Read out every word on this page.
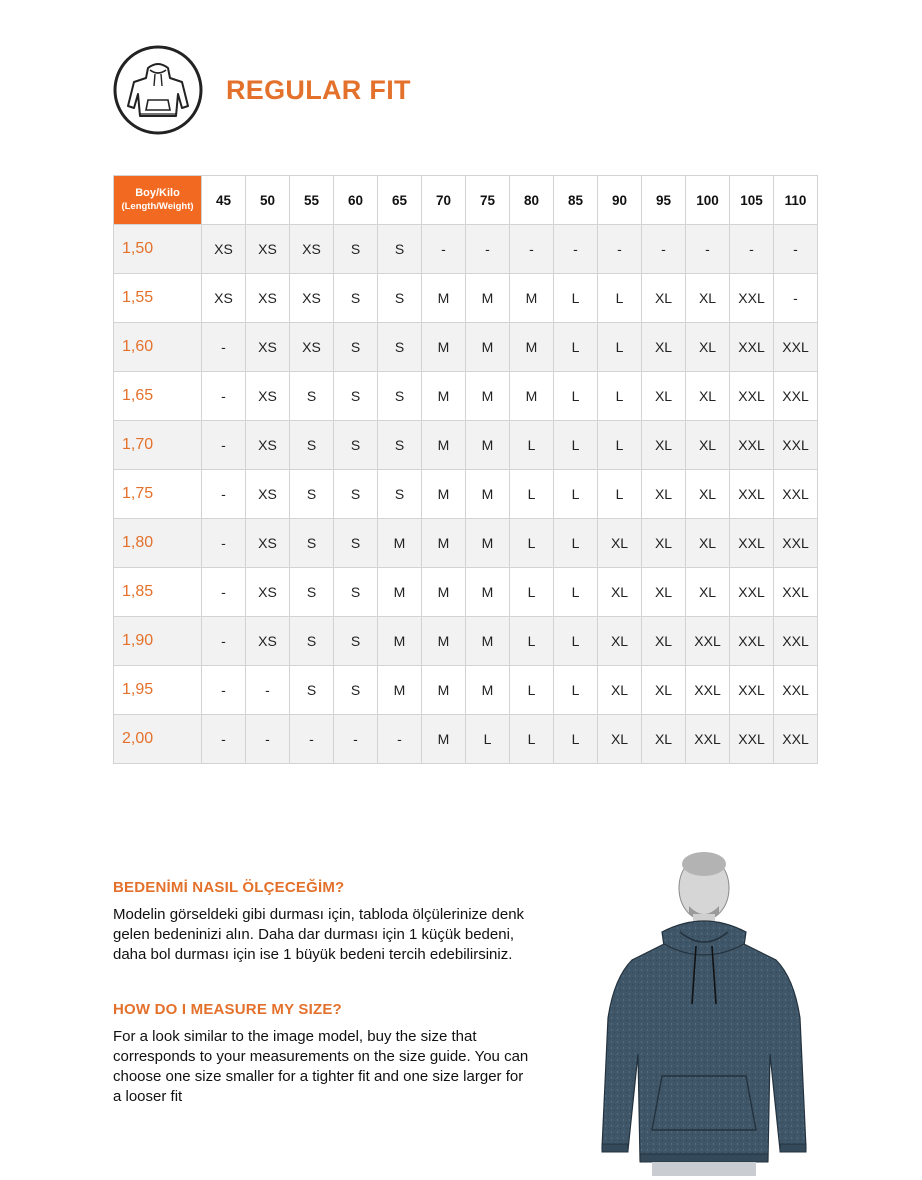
REGULAR FIT
Boy/Kilo
(Length/Weight)	45	50	55	60	65	70	75	80	85	90	95	100	105	110
1,50	XS	XS	XS	S	S	-	-	-	-	-	-	-	-	-
1,55	XS	XS	XS	S	S	M	M	M	L	L	XL	XL	XXL	-
1,60	-	XS	XS	S	S	M	M	M	L	L	XL	XL	XXL	XXL
1,65	-	XS	S	S	S	M	M	M	L	L	XL	XL	XXL	XXL
1,70	-	XS	S	S	S	M	M	L	L	L	XL	XL	XXL	XXL
1,75	-	XS	S	S	S	M	M	L	L	L	XL	XL	XXL	XXL
1,80	-	XS	S	S	M	M	M	L	L	XL	XL	XL	XXL	XXL
1,85	-	XS	S	S	M	M	M	L	L	XL	XL	XL	XXL	XXL
1,90	-	XS	S	S	M	M	M	L	L	XL	XL	XXL	XXL	XXL
1,95	-	-	S	S	M	M	M	L	L	XL	XL	XXL	XXL	XXL
2,00	-	-	-	-	-	M	L	L	L	XL	XL	XXL	XXL	XXL
BEDENİMİ NASIL ÖLÇECEĞİM?

Modelin görseldeki gibi durması için, tabloda ölçülerinize denk
gelen bedeninizi alın. Daha dar durması için 1 küçük bedeni,
daha bol durması için ise 1 büyük bedeni tercih edebilirsiniz.

HOW DO I MEASURE MY SIZE?

For a look similar to the image model, buy the size that
corresponds to your measurements on the size guide. You can
choose one size smaller for a tighter fit and one size larger for
a looser fit
